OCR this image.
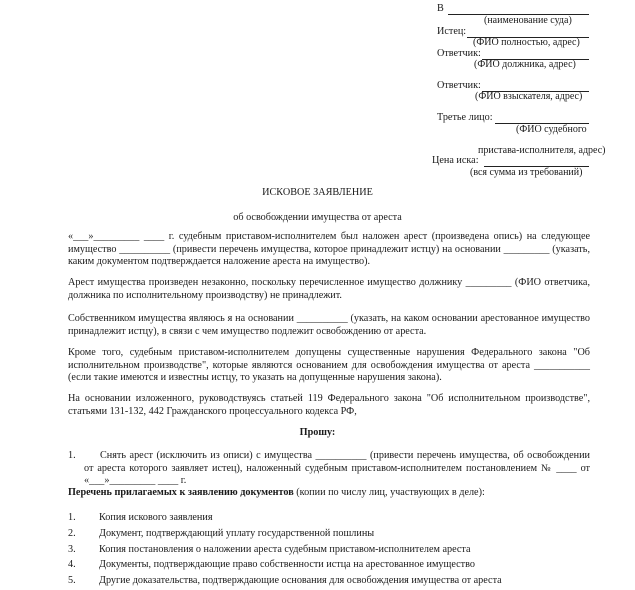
В
(наименование суда)
Истец:
(ФИО полностью, адрес)
Ответчик:
(ФИО должника, адрес)
Ответчик:
(ФИО взыскателя, адрес)
Третье лицо:
(ФИО судебного
пристава-исполнителя, адрес)
Цена иска:
(вся сумма из требований)
ИСКОВОЕ ЗАЯВЛЕНИЕ
об освобождении имущества от ареста
«___»_________ ____ г. судебным приставом-исполнителем был наложен арест (произведена опись) на следующее имущество __________ (привести перечень имущества, которое принадлежит истцу) на основании _________ (указать, каким документом подтверждается наложение ареста на имущество).
Арест имущества произведен незаконно, поскольку перечисленное имущество должнику _________ (ФИО ответчика, должника по исполнительному производству) не принадлежит.
Собственником имущества являюсь я на основании __________ (указать, на каком основании арестованное имущество принадлежит истцу), в связи с чем имущество подлежит освобождению от ареста.
Кроме того, судебным приставом-исполнителем допущены существенные нарушения Федерального закона "Об исполнительном производстве", которые являются основанием для освобождения имущества от ареста ___________ (если такие имеются и известны истцу, то указать на допущенные нарушения закона).
На основании изложенного, руководствуясь статьей 119 Федерального закона "Об исполнительном производстве", статьями 131-132, 442 Гражданского процессуального кодекса РФ,
Прошу:
1.	Снять арест (исключить из описи) с имущества __________ (привести перечень имущества, об освобождении от ареста которого заявляет истец), наложенный судебным приставом-исполнителем постановлением № ____ от «___»_________ ____ г.
Перечень прилагаемых к заявлению документов (копии по числу лиц, участвующих в деле):
1. Копия искового заявления
2. Документ, подтверждающий уплату государственной пошлины
3. Копия постановления о наложении ареста судебным приставом-исполнителем ареста
4. Документы, подтверждающие право собственности истца на арестованное имущество
5. Другие доказательства, подтверждающие основания для освобождения имущества от ареста
